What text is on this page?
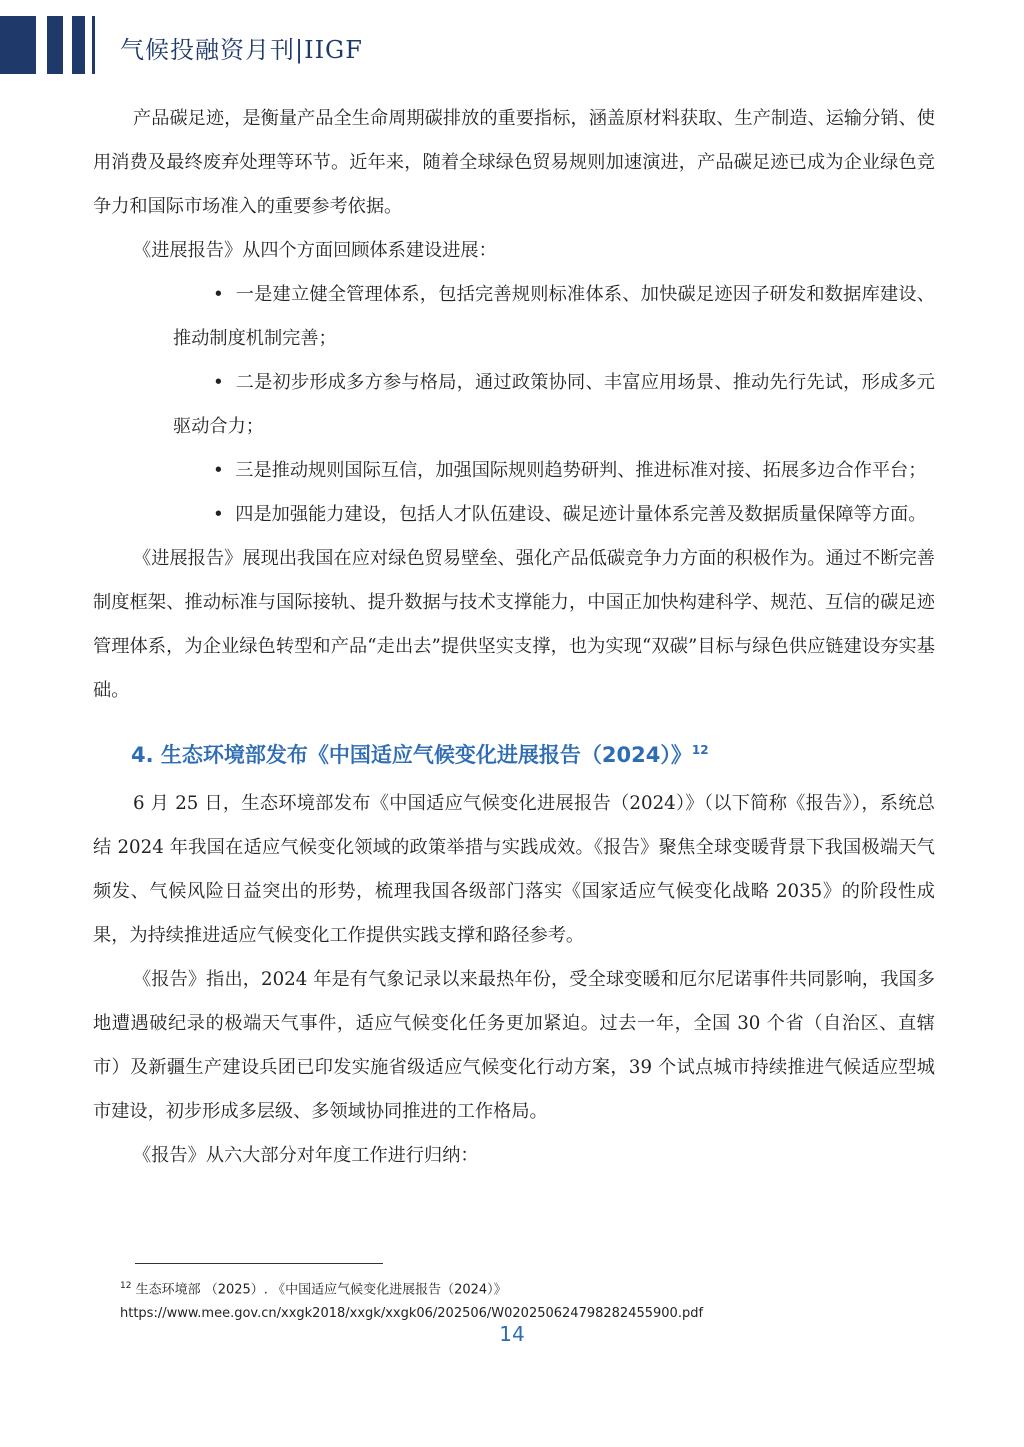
气候投融资月刊|IIGF

产品碳足迹，是衡量产品全生命周期碳排放的重要指标，涵盖原材料获取、生产制造、运输分销、使用消费及最终废弃处理等环节。近年来，随着全球绿色贸易规则加速演进，产品碳足迹已成为企业绿色竞争力和国际市场准入的重要参考依据。

《进展报告》从四个方面回顾体系建设进展：

•  一是建立健全管理体系，包括完善规则标准体系、加快碳足迹因子研发和数据库建设、推动制度机制完善；
•  二是初步形成多方参与格局，通过政策协同、丰富应用场景、推动先行先试，形成多元驱动合力；
•  三是推动规则国际互信，加强国际规则趋势研判、推进标准对接、拓展多边合作平台；
•  四是加强能力建设，包括人才队伍建设、碳足迹计量体系完善及数据质量保障等方面。

《进展报告》展现出我国在应对绿色贸易壁垒、强化产品低碳竞争力方面的积极作为。通过不断完善制度框架、推动标准与国际接轨、提升数据与技术支撑能力，中国正加快构建科学、规范、互信的碳足迹管理体系，为企业绿色转型和产品“走出去”提供坚实支撑，也为实现“双碳”目标与绿色供应链建设夯实基础。

4. 生态环境部发布《中国适应气候变化进展报告（2024）》$^{12}$

6 月 25 日，生态环境部发布《中国适应气候变化进展报告（2024）》（以下简称《报告》），系统总结 2024 年我国在适应气候变化领域的政策举措与实践成效。《报告》聚焦全球变暖背景下我国极端天气频发、气候风险日益突出的形势，梳理我国各级部门落实《国家适应气候变化战略 2035》的阶段性成果，为持续推进适应气候变化工作提供实践支撑和路径参考。

《报告》指出，2024 年是有气象记录以来最热年份，受全球变暖和厄尔尼诺事件共同影响，我国多地遭遇破纪录的极端天气事件，适应气候变化任务更加紧迫。过去一年，全国 30 个省（自治区、直辖市）及新疆生产建设兵团已印发实施省级适应气候变化行动方案，39 个试点城市持续推进气候适应型城市建设，初步形成多层级、多领域协同推进的工作格局。

《报告》从六大部分对年度工作进行归纳：

$^{12}$ 生态环境部 （2025）. 《中国适应气候变化进展报告（2024）》
https://www.mee.gov.cn/xxgk2018/xxgk/xxgk06/202506/W020250624798282455900.pdf
14
